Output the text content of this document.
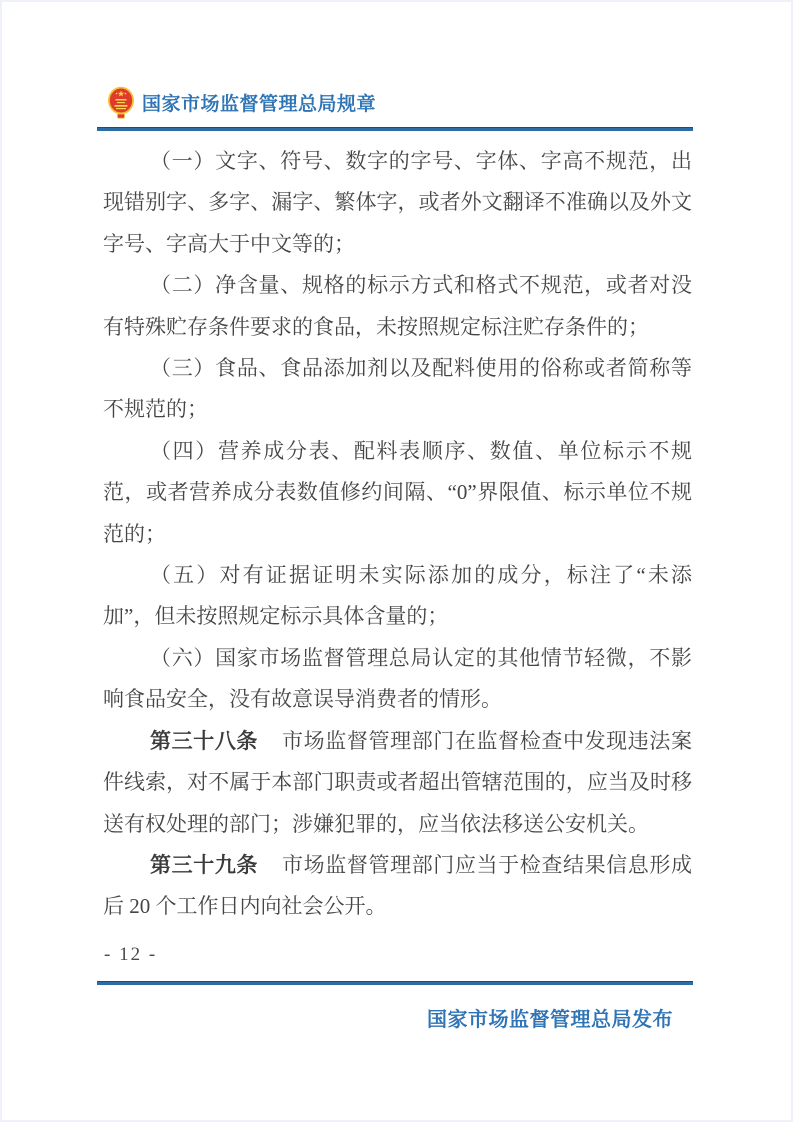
国家市场监督管理总局规章

（一）文字、符号、数字的字号、字体、字高不规范，出现错别字、多字、漏字、繁体字，或者外文翻译不准确以及外文字号、字高大于中文等的；

（二）净含量、规格的标示方式和格式不规范，或者对没有特殊贮存条件要求的食品，未按照规定标注贮存条件的；

（三）食品、食品添加剂以及配料使用的俗称或者简称等不规范的；

（四）营养成分表、配料表顺序、数值、单位标示不规范，或者营养成分表数值修约间隔、“0”界限值、标示单位不规范的；

（五）对有证据证明未实际添加的成分，标注了“未添加”，但未按照规定标示具体含量的；

（六）国家市场监督管理总局认定的其他情节轻微，不影响食品安全，没有故意误导消费者的情形。

第三十八条 市场监督管理部门在监督检查中发现违法案件线索，对不属于本部门职责或者超出管辖范围的，应当及时移送有权处理的部门；涉嫌犯罪的，应当依法移送公安机关。

第三十九条 市场监督管理部门应当于检查结果信息形成后 20 个工作日内向社会公开。

- 12 -
国家市场监督管理总局发布
